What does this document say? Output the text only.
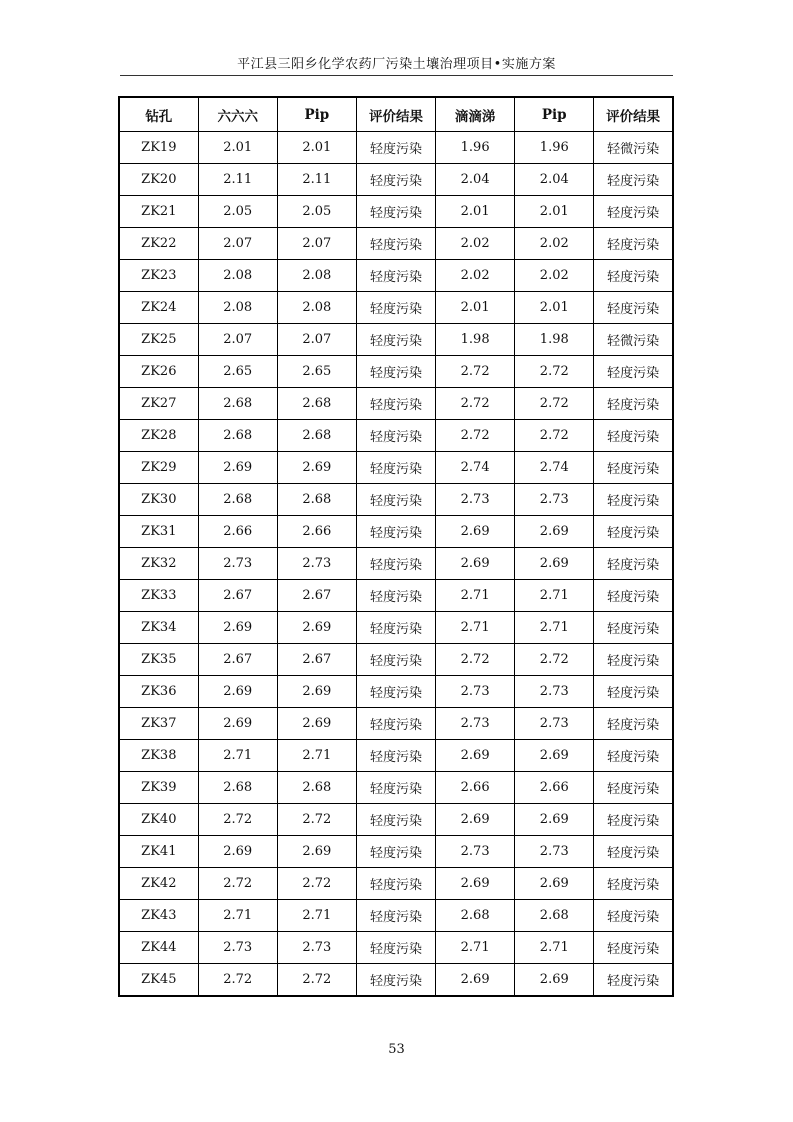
平江县三阳乡化学农药厂污染土壤治理项目•实施方案
钻孔	六六六	Pip	评价结果	滴滴涕	Pip	评价结果
ZK19	2.01	2.01	轻度污染	1.96	1.96	轻微污染
ZK20	2.11	2.11	轻度污染	2.04	2.04	轻度污染
ZK21	2.05	2.05	轻度污染	2.01	2.01	轻度污染
ZK22	2.07	2.07	轻度污染	2.02	2.02	轻度污染
ZK23	2.08	2.08	轻度污染	2.02	2.02	轻度污染
ZK24	2.08	2.08	轻度污染	2.01	2.01	轻度污染
ZK25	2.07	2.07	轻度污染	1.98	1.98	轻微污染
ZK26	2.65	2.65	轻度污染	2.72	2.72	轻度污染
ZK27	2.68	2.68	轻度污染	2.72	2.72	轻度污染
ZK28	2.68	2.68	轻度污染	2.72	2.72	轻度污染
ZK29	2.69	2.69	轻度污染	2.74	2.74	轻度污染
ZK30	2.68	2.68	轻度污染	2.73	2.73	轻度污染
ZK31	2.66	2.66	轻度污染	2.69	2.69	轻度污染
ZK32	2.73	2.73	轻度污染	2.69	2.69	轻度污染
ZK33	2.67	2.67	轻度污染	2.71	2.71	轻度污染
ZK34	2.69	2.69	轻度污染	2.71	2.71	轻度污染
ZK35	2.67	2.67	轻度污染	2.72	2.72	轻度污染
ZK36	2.69	2.69	轻度污染	2.73	2.73	轻度污染
ZK37	2.69	2.69	轻度污染	2.73	2.73	轻度污染
ZK38	2.71	2.71	轻度污染	2.69	2.69	轻度污染
ZK39	2.68	2.68	轻度污染	2.66	2.66	轻度污染
ZK40	2.72	2.72	轻度污染	2.69	2.69	轻度污染
ZK41	2.69	2.69	轻度污染	2.73	2.73	轻度污染
ZK42	2.72	2.72	轻度污染	2.69	2.69	轻度污染
ZK43	2.71	2.71	轻度污染	2.68	2.68	轻度污染
ZK44	2.73	2.73	轻度污染	2.71	2.71	轻度污染
ZK45	2.72	2.72	轻度污染	2.69	2.69	轻度污染
53
